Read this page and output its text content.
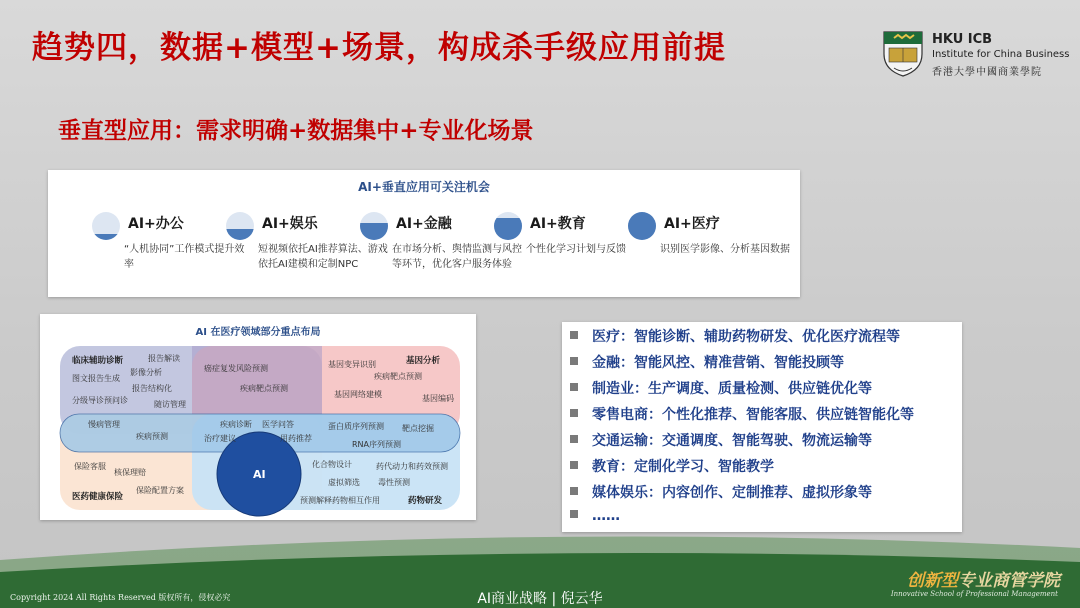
趋势四，数据+模型+场景，构成杀手级应用前提	HKU ICB
Institute for China Business
香港大學中國商業學院
垂直型应用：需求明确+数据集中+专业化场景
AI+垂直应用可关注机会
AI+办公
“人机协同”工作模式提升效率
AI+娱乐
短视频依托AI推荐算法、游戏依托AI建模和定制NPC
AI+金融
在市场分析、舆情监测与风控等环节，优化客户服务体验
AI+教育
个性化学习计划与反馈
AI+医疗
识别医学影像、分析基因数据
AI 在医疗领域部分重点布局
临床辅助诊断	基因分析
医药健康保险	药物研发
AI
报告解读
影像分析
图文报告生成
报告结构化
分级导诊预问诊	随访管理
癌症复发风险预测
疾病靶点预测
基因变异识别
疾病靶点预测
基因网络建模	基因编码
慢病管理
疾病预测
疾病诊断 医学问答
治疗建议	用药推荐
蛋白质序列预测 靶点挖掘
RNA序列预测
保险客服
核保理赔
保险配置方案
化合物设计	药代动力和药效预测
虚拟筛选 毒性预测
预测解释药物相互作用
医疗：智能诊断、辅助药物研发、优化医疗流程等
金融：智能风控、精准营销、智能投顾等
制造业：生产调度、质量检测、供应链优化等
零售电商：个性化推荐、智能客服、供应链智能化等
交通运输：交通调度、智能驾驶、物流运输等
教育：定制化学习、智能教学
媒体娱乐：内容创作、定制推荐、虚拟形象等
……
Copyright 2024 All Rights Reserved 版权所有，侵权必究	AI商业战略 | 倪云华
创新型专业商管学院
Innovative School of Professional Management
